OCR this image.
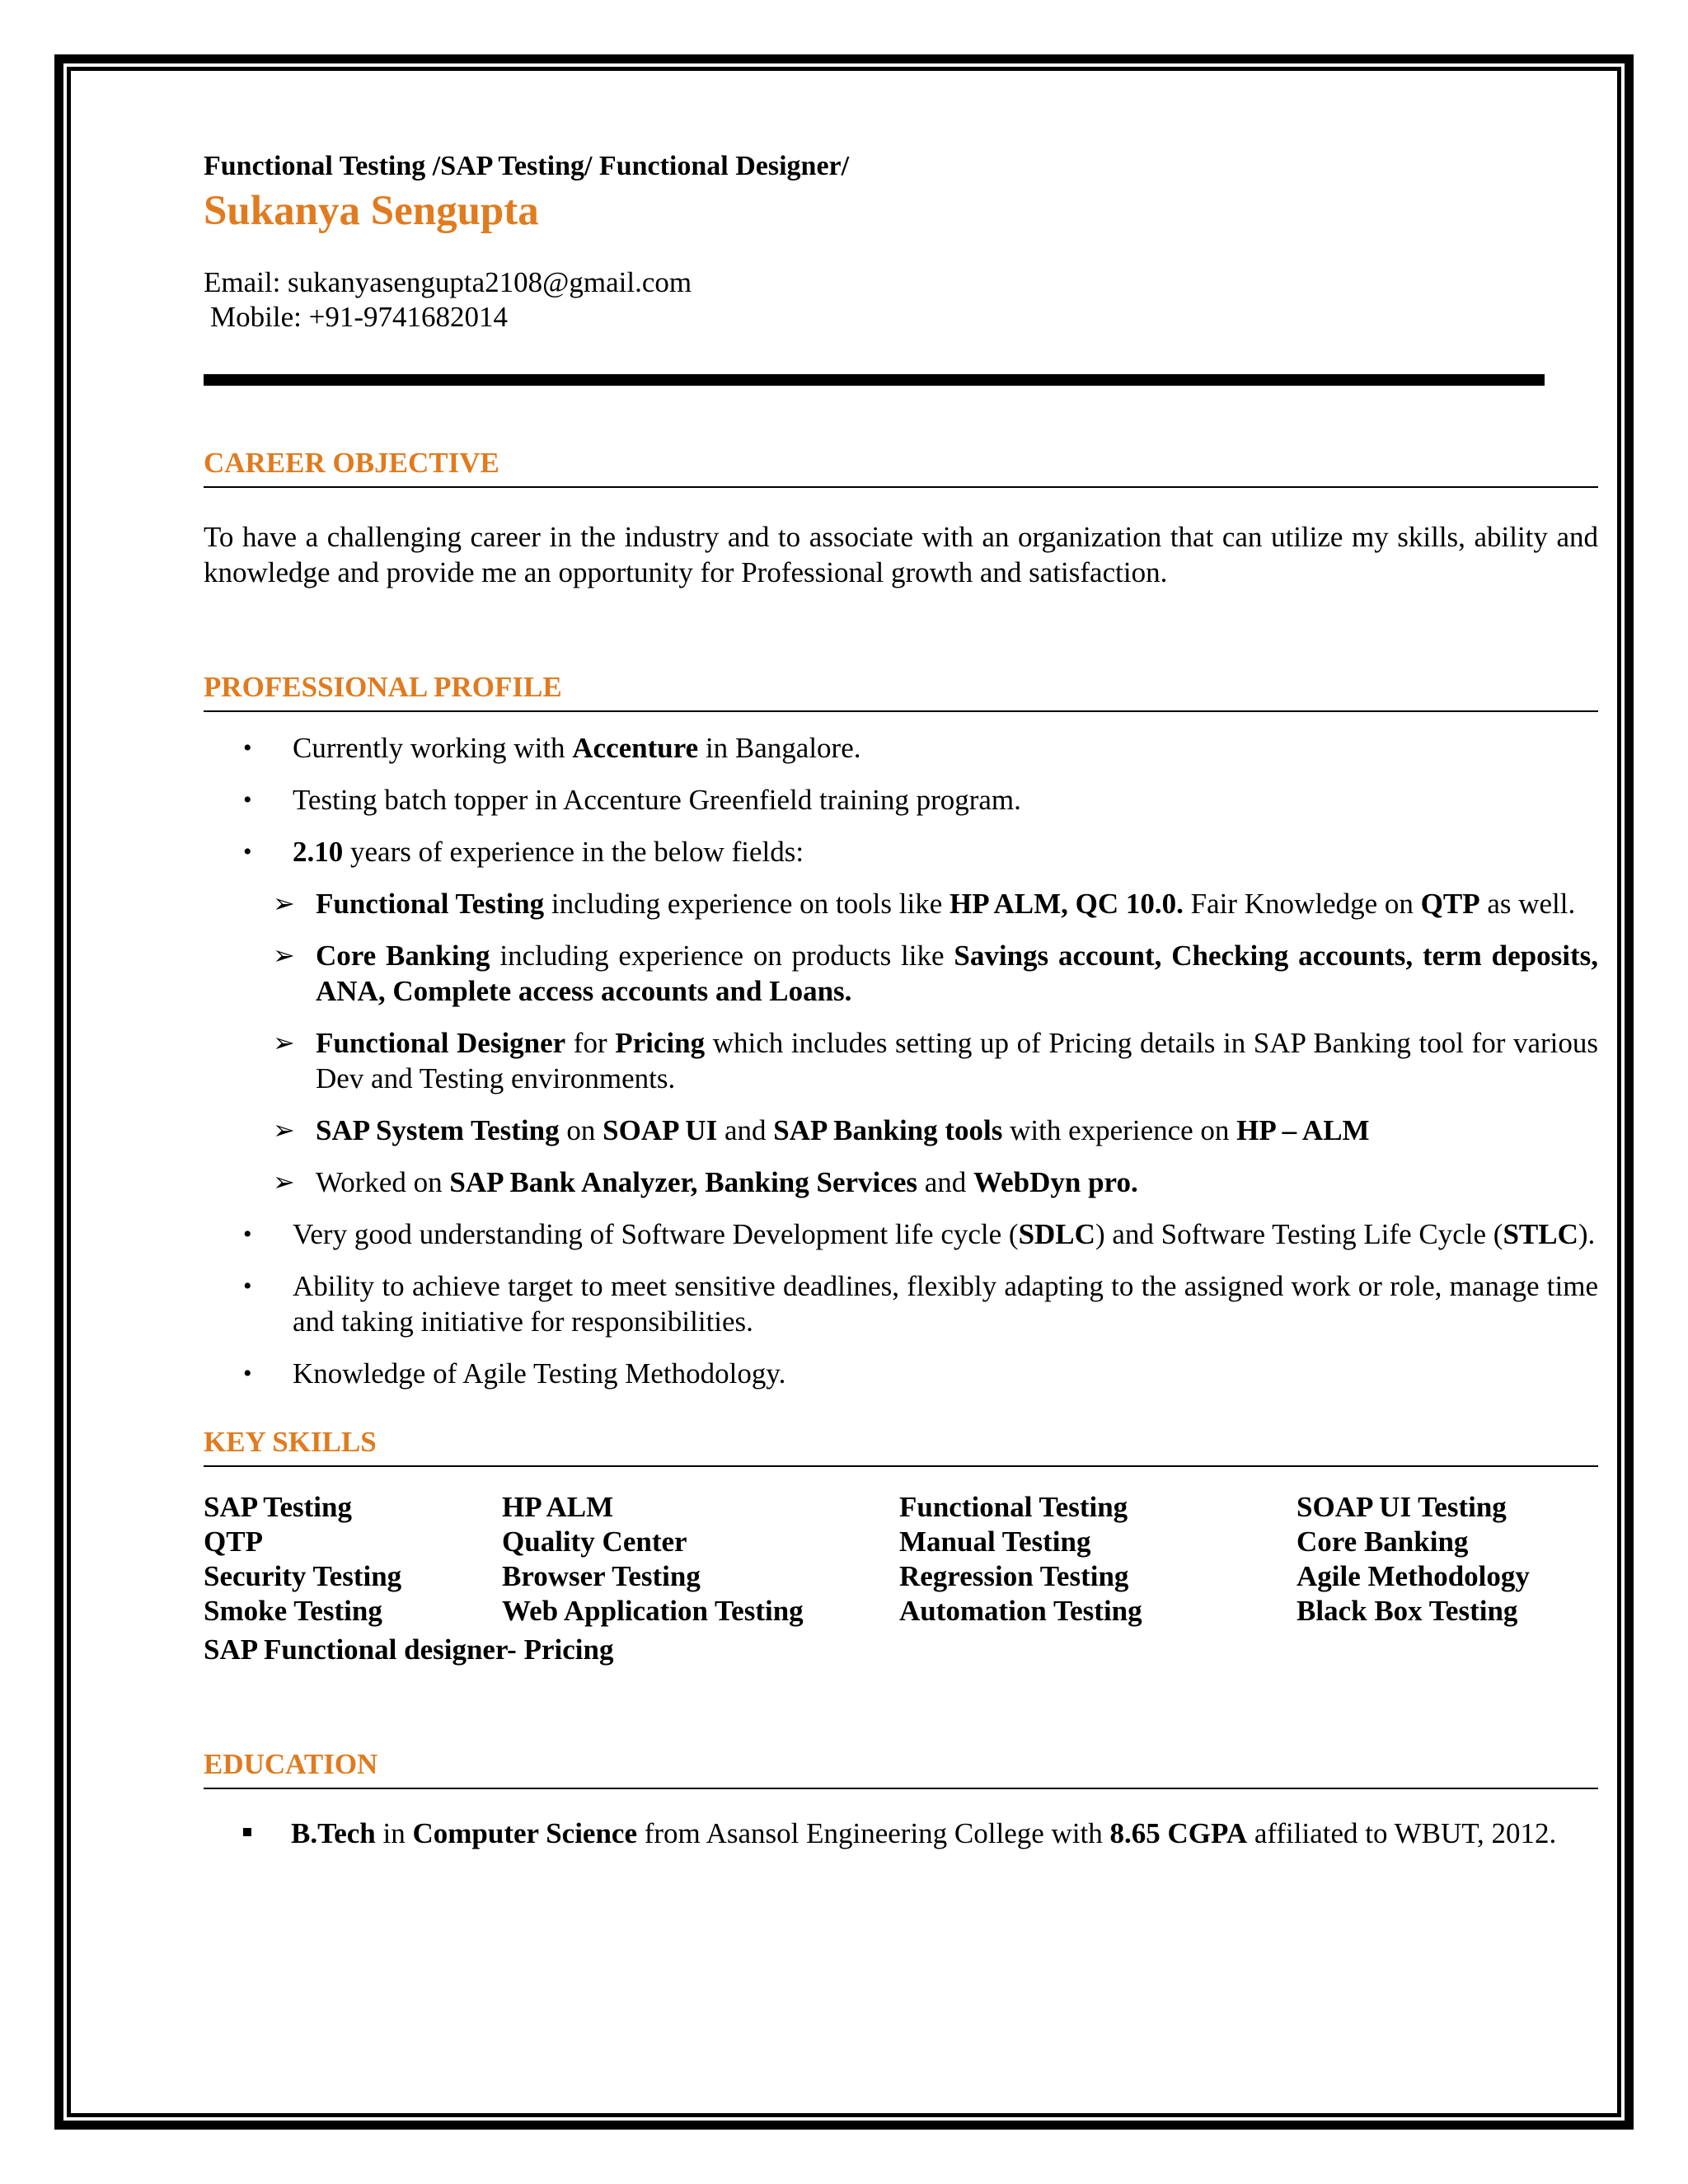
Functional Testing /SAP Testing/ Functional Designer/
Sukanya Sengupta
Email: sukanyasengupta2108@gmail.com
Mobile: +91-9741682014
CAREER OBJECTIVE
To have a challenging career in the industry and to associate with an organization that can utilize my skills, ability and knowledge and provide me an opportunity for Professional growth and satisfaction.
PROFESSIONAL PROFILE
• Currently working with Accenture in Bangalore.
• Testing batch topper in Accenture Greenfield training program.
• 2.10 years of experience in the below fields:
➢ Functional Testing including experience on tools like HP ALM, QC 10.0. Fair Knowledge on QTP as well.
➢ Core Banking including experience on products like Savings account, Checking accounts, term deposits, ANA, Complete access accounts and Loans.
➢ Functional Designer for Pricing which includes setting up of Pricing details in SAP Banking tool for various Dev and Testing environments.
➢ SAP System Testing on SOAP UI and SAP Banking tools with experience on HP – ALM
➢ Worked on SAP Bank Analyzer, Banking Services and WebDyn pro.
• Very good understanding of Software Development life cycle (SDLC) and Software Testing Life Cycle (STLC).
• Ability to achieve target to meet sensitive deadlines, flexibly adapting to the assigned work or role, manage time and taking initiative for responsibilities.
• Knowledge of Agile Testing Methodology.
KEY SKILLS
SAP Testing	HP ALM	Functional Testing	SOAP UI Testing
QTP	Quality Center	Manual Testing	Core Banking
Security Testing	Browser Testing	Regression Testing	Agile Methodology
Smoke Testing	Web Application Testing	Automation Testing	Black Box Testing
SAP Functional designer- Pricing
EDUCATION
B.Tech in Computer Science from Asansol Engineering College with 8.65 CGPA affiliated to WBUT, 2012.
